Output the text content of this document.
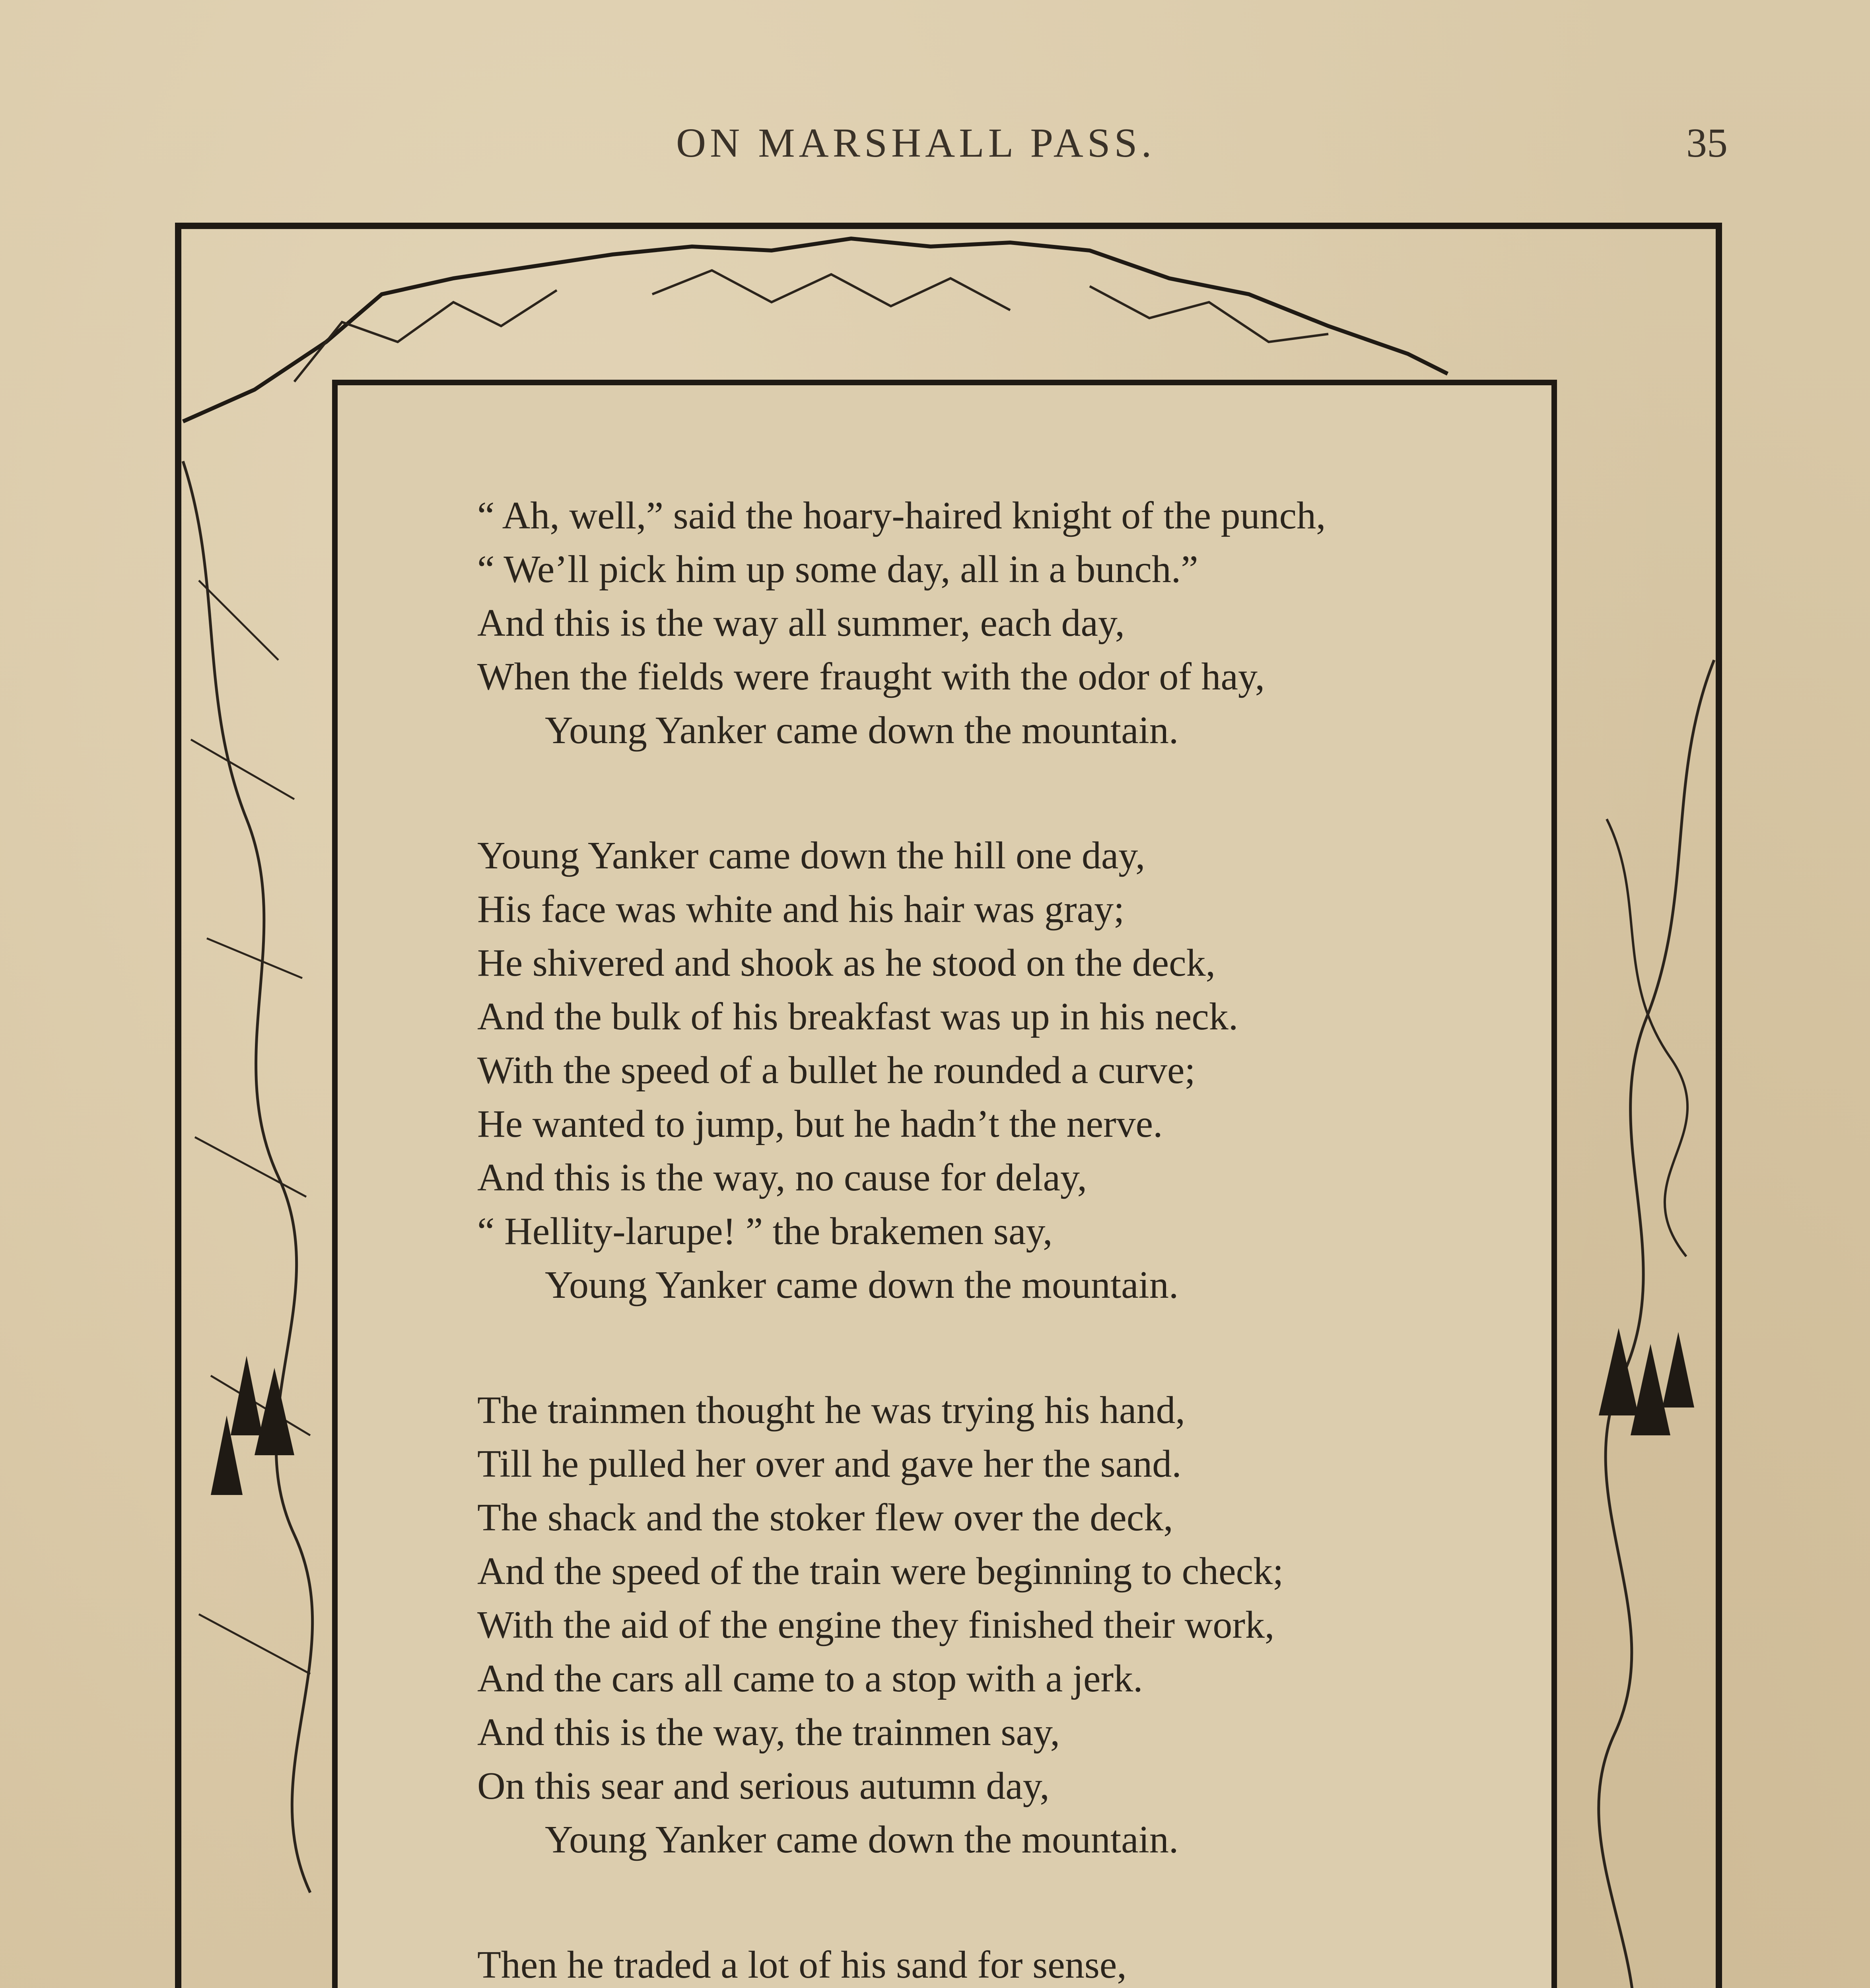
ON MARSHALL PASS.	35
“ Ah, well,” said the hoary-haired knight of the punch,
“ We’ll pick him up some day, all in a bunch.”
And this is the way all summer, each day,
When the fields were fraught with the odor of hay,
Young Yanker came down the mountain.
Young Yanker came down the hill one day,
His face was white and his hair was gray;
He shivered and shook as he stood on the deck,
And the bulk of his breakfast was up in his neck.
With the speed of a bullet he rounded a curve;
He wanted to jump, but he hadn’t the nerve.
And this is the way, no cause for delay,
“ Hellity-larupe! ” the brakemen say,
Young Yanker came down the mountain.
The trainmen thought he was trying his hand,
Till he pulled her over and gave her the sand.
The shack and the stoker flew over the deck,
And the speed of the train were beginning to check;
With the aid of the engine they finished their work,
And the cars all came to a stop with a jerk.
And this is the way, the trainmen say,
On this sear and serious autumn day,
Young Yanker came down the mountain.
Then he traded a lot of his sand for sense,
